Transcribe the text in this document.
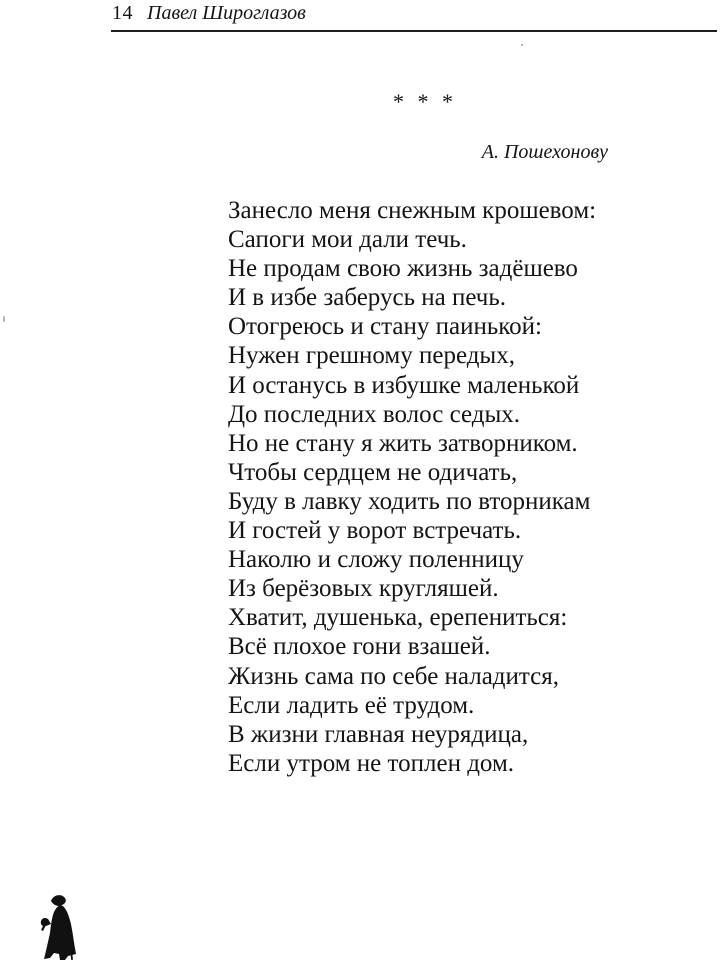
14 Павел Широглазов
* * *
А. Пошехонову
Занесло меня снежным крошевом:
Сапоги мои дали течь.
Не продам свою жизнь задёшево
И в избе заберусь на печь.
Отогреюсь и стану паинькой:
Нужен грешному передых,
И останусь в избушке маленькой
До последних волос седых.
Но не стану я жить затворником.
Чтобы сердцем не одичать,
Буду в лавку ходить по вторникам
И гостей у ворот встречать.
Наколю и сложу поленницу
Из берёзовых кругляшей.
Хватит, душенька, ерепениться:
Всё плохое гони взашей.
Жизнь сама по себе наладится,
Если ладить её трудом.
В жизни главная неурядица,
Если утром не топлен дом.
